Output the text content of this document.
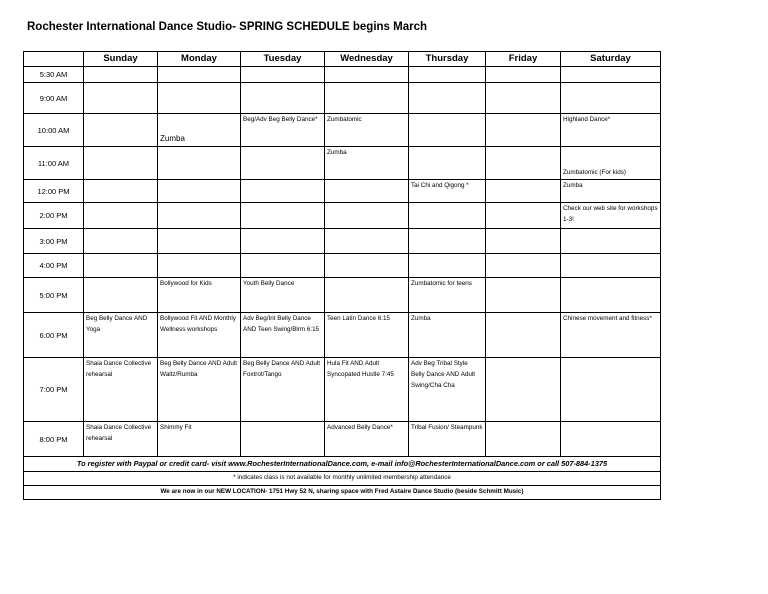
Rochester International Dance Studio- SPRING SCHEDULE begins March
	Sunday	Monday	Tuesday	Wednesday	Thursday	Friday	Saturday
5:30 AM							
9:00 AM							
10:00 AM		Zumba	Beg/Adv Beg Belly Dance*	Zumbatomic			Highland Dance*
11:00 AM				Zumba			Zumbatomic (For kids)
12:00 PM					Tai Chi and Qigong *		Zumba
2:00 PM							Check our web site for workshops 1-3!
3:00 PM							
4:00 PM							
5:00 PM		Bollywood for Kids	Youth Belly Dance		Zumbatomic for teens		
6:00 PM	Beg Belly Dance AND Yoga	Bollywood Fit AND Monthly Wellness workshops	Adv Beg/Int Belly Dance AND Teen Swing/Blrm 6:15	Teen Latin Dance 6:15	Zumba		Chinese movement and fitness*
7:00 PM	Shaia Dance Collective rehearsal	Beg Belly Dance AND Adult Waltz/Rumba	Beg Belly Dance AND Adult Foxtrot/Tango	Hula Fit AND Adult Syncopated Hustle 7:45	Adv Beg Tribal Style Belly Dance AND Adult Swing/Cha Cha		
8:00 PM	Shaia Dance Collective rehearsal	Shimmy Fit		Advanced Belly Dance*	Tribal Fusion/ Steampunk		
To register with Paypal or credit card- visit www.RochesterInternationalDance.com, e-mail info@RochesterInternationalDance.com or call 507-884-1375							
* indicates class is not available for monthly unlimited membership attendance							
We are now in our NEW LOCATION- 1751 Hwy 52 N, sharing space with Fred Astaire Dance Studio (beside Schmitt Music)							
